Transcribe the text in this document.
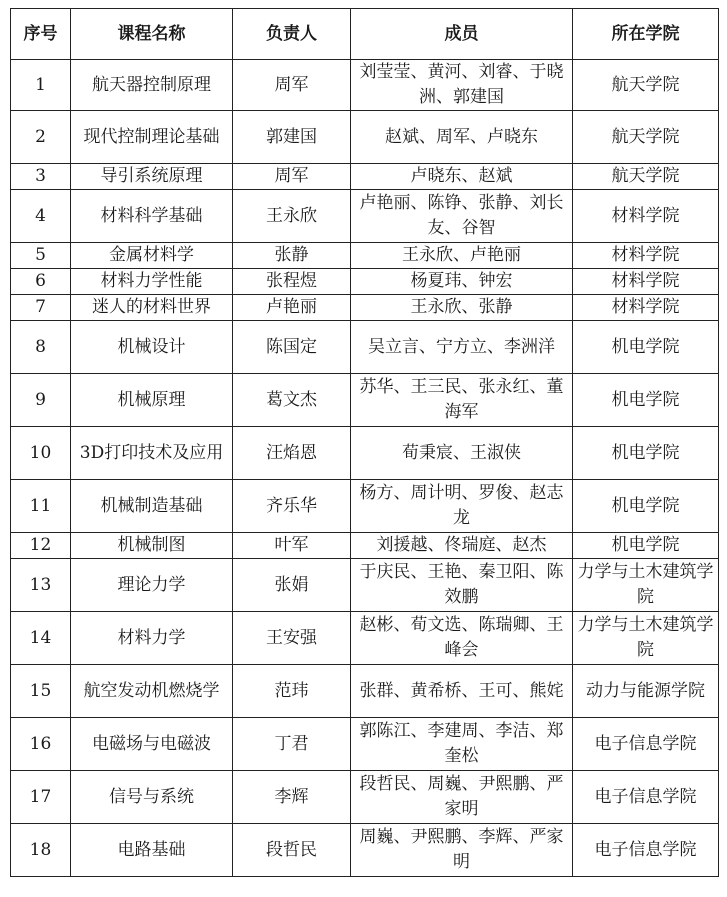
序号	课程名称	负责人	成员	所在学院
1	航天器控制原理	周军	刘莹莹、黄河、刘睿、于晓洲、郭建国	航天学院
2	现代控制理论基础	郭建国	赵斌、周军、卢晓东	航天学院
3	导引系统原理	周军	卢晓东、赵斌	航天学院
4	材料科学基础	王永欣	卢艳丽、陈铮、张静、刘长友、谷智	材料学院
5	金属材料学	张静	王永欣、卢艳丽	材料学院
6	材料力学性能	张程煜	杨夏玮、钟宏	材料学院
7	迷人的材料世界	卢艳丽	王永欣、张静	材料学院
8	机械设计	陈国定	吴立言、宁方立、李洲洋	机电学院
9	机械原理	葛文杰	苏华、王三民、张永红、董海军	机电学院
10	3D打印技术及应用	汪焰恩	荀秉宸、王淑侠	机电学院
11	机械制造基础	齐乐华	杨方、周计明、罗俊、赵志龙	机电学院
12	机械制图	叶军	刘援越、佟瑞庭、赵杰	机电学院
13	理论力学	张娟	于庆民、王艳、秦卫阳、陈效鹏	力学与土木建筑学院
14	材料力学	王安强	赵彬、荀文选、陈瑞卿、王峰会	力学与土木建筑学院
15	航空发动机燃烧学	范玮	张群、黄希桥、王可、熊姹	动力与能源学院
16	电磁场与电磁波	丁君	郭陈江、李建周、李洁、郑奎松	电子信息学院
17	信号与系统	李辉	段哲民、周巍、尹熙鹏、严家明	电子信息学院
18	电路基础	段哲民	周巍、尹熙鹏、李辉、严家明	电子信息学院
